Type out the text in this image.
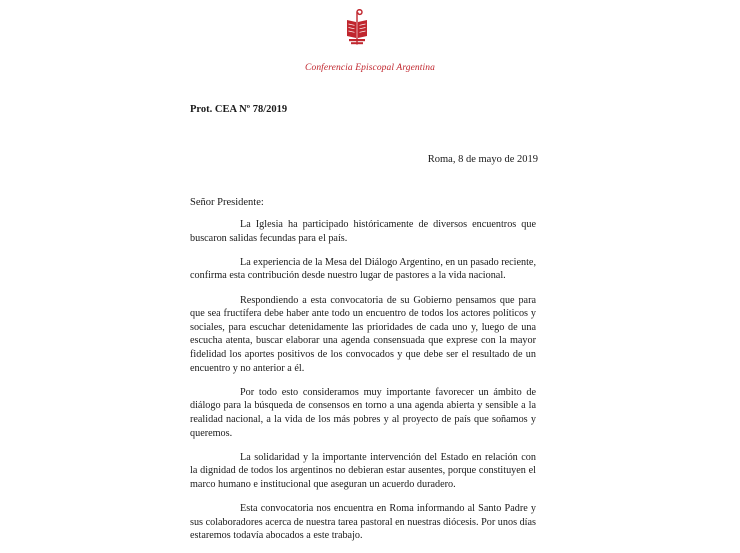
Conferencia Episcopal Argentina
Prot. CEA Nº 78/2019
Roma, 8 de mayo de 2019
Señor Presidente:

La Iglesia ha participado históricamente de diversos encuentros que buscaron salidas fecundas para el país.

La experiencia de la Mesa del Diálogo Argentino, en un pasado reciente, confirma esta contribución desde nuestro lugar de pastores a la vida nacional.

Respondiendo a esta convocatoria de su Gobierno pensamos que para que sea fructífera debe haber ante todo un encuentro de todos los actores políticos y sociales, para escuchar detenidamente las prioridades de cada uno y, luego de una escucha atenta, buscar elaborar una agenda consensuada que exprese con la mayor fidelidad los aportes positivos de los convocados y que debe ser el resultado de un encuentro y no anterior a él.

Por todo esto consideramos muy importante favorecer un ámbito de diálogo para la búsqueda de consensos en torno a una agenda abierta y sensible a la realidad nacional, a la vida de los más pobres y al proyecto de país que soñamos y queremos.

La solidaridad y la importante intervención del Estado en relación con la dignidad de todos los argentinos no debieran estar ausentes, porque constituyen el marco humano e institucional que aseguran un acuerdo duradero.

Esta convocatoria nos encuentra en Roma informando al Santo Padre y sus colaboradores acerca de nuestra tarea pastoral en nuestras diócesis. Por unos días estaremos todavía abocados a este trabajo.
